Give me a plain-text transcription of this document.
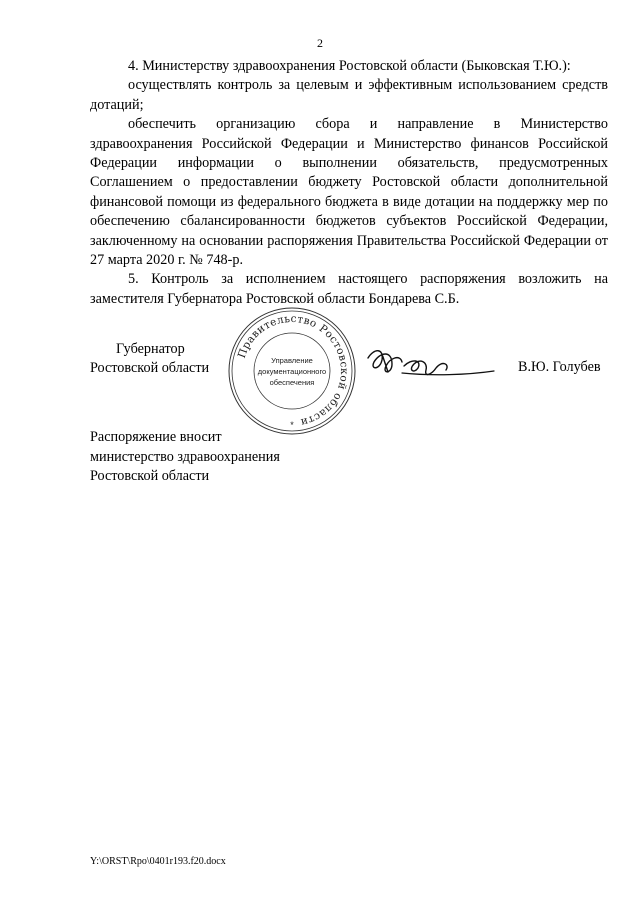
2

4. Министерству здравоохранения Ростовской области (Быковская Т.Ю.):

осуществлять контроль за целевым и эффективным использованием средств дотаций;

обеспечить организацию сбора и направление в Министерство здравоохранения Российской Федерации и Министерство финансов Российской Федерации информации о выполнении обязательств, предусмотренных Соглашением о предоставлении бюджету Ростовской области дополнительной финансовой помощи из федерального бюджета в виде дотации на поддержку мер по обеспечению сбалансированности бюджетов субъектов Российской Федерации, заключенному на основании распоряжения Правительства Российской Федерации от 27 марта 2020 г. № 748-р.

5. Контроль за исполнением настоящего распоряжения возложить на заместителя Губернатора Ростовской области Бондарева С.Б.

Губернатор
Ростовской области
Правительство Ростовской области
Управление
документационного
обеспечения
*
В.Ю. Голубев
Распоряжение вносит
министерство здравоохранения
Ростовской области
Y:\ORST\Rpo\0401r193.f20.docx
